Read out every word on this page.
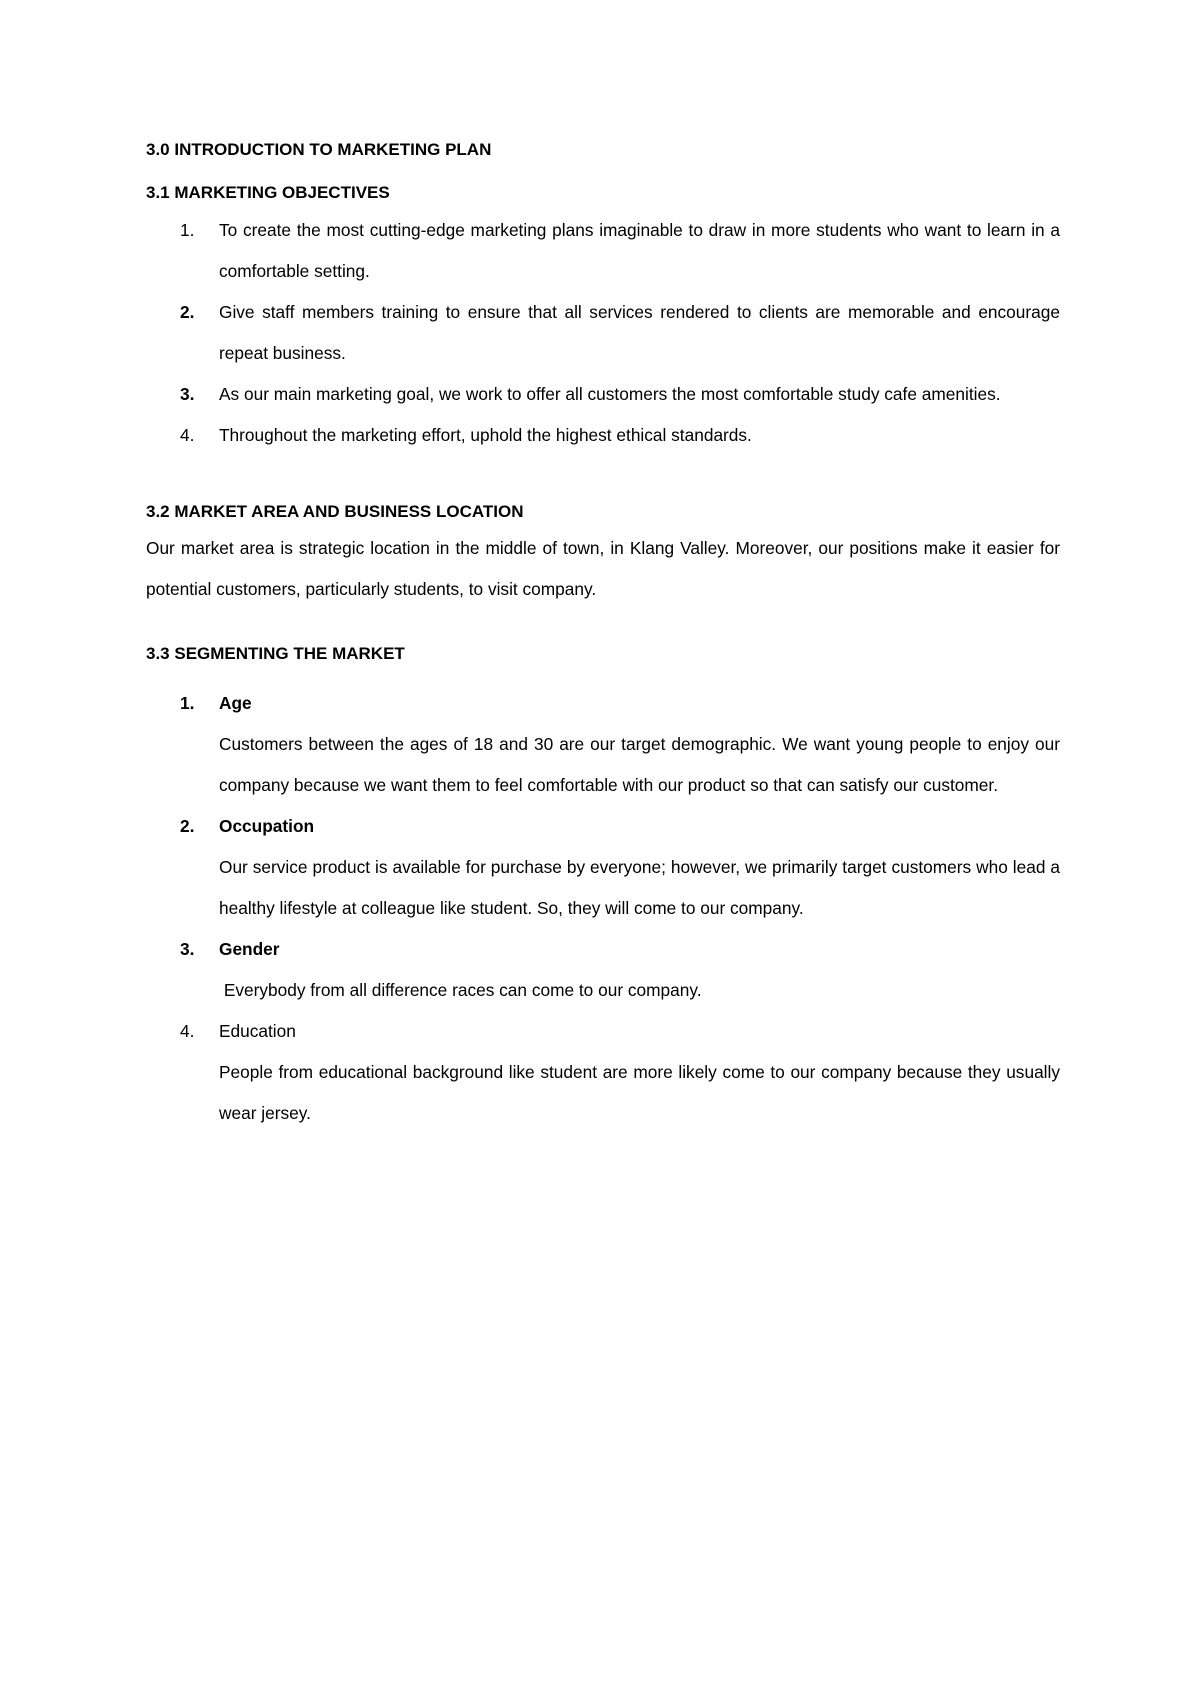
3.0 INTRODUCTION TO MARKETING PLAN
3.1 MARKETING OBJECTIVES
1. To create the most cutting-edge marketing plans imaginable to draw in more students who want to learn in a comfortable setting.
2. Give staff members training to ensure that all services rendered to clients are memorable and encourage repeat business.
3. As our main marketing goal, we work to offer all customers the most comfortable study cafe amenities.
4. Throughout the marketing effort, uphold the highest ethical standards.
3.2 MARKET AREA AND BUSINESS LOCATION

Our market area is strategic location in the middle of town, in Klang Valley. Moreover, our positions make it easier for potential customers, particularly students, to visit company.

3.3 SEGMENTING THE MARKET
1. Age
Customers between the ages of 18 and 30 are our target demographic. We want young people to enjoy our company because we want them to feel comfortable with our product so that can satisfy our customer.
2. Occupation
Our service product is available for purchase by everyone; however, we primarily target customers who lead a healthy lifestyle at colleague like student. So, they will come to our company.
3. Gender
Everybody from all difference races can come to our company.
4. Education
People from educational background like student are more likely come to our company because they usually wear jersey.
